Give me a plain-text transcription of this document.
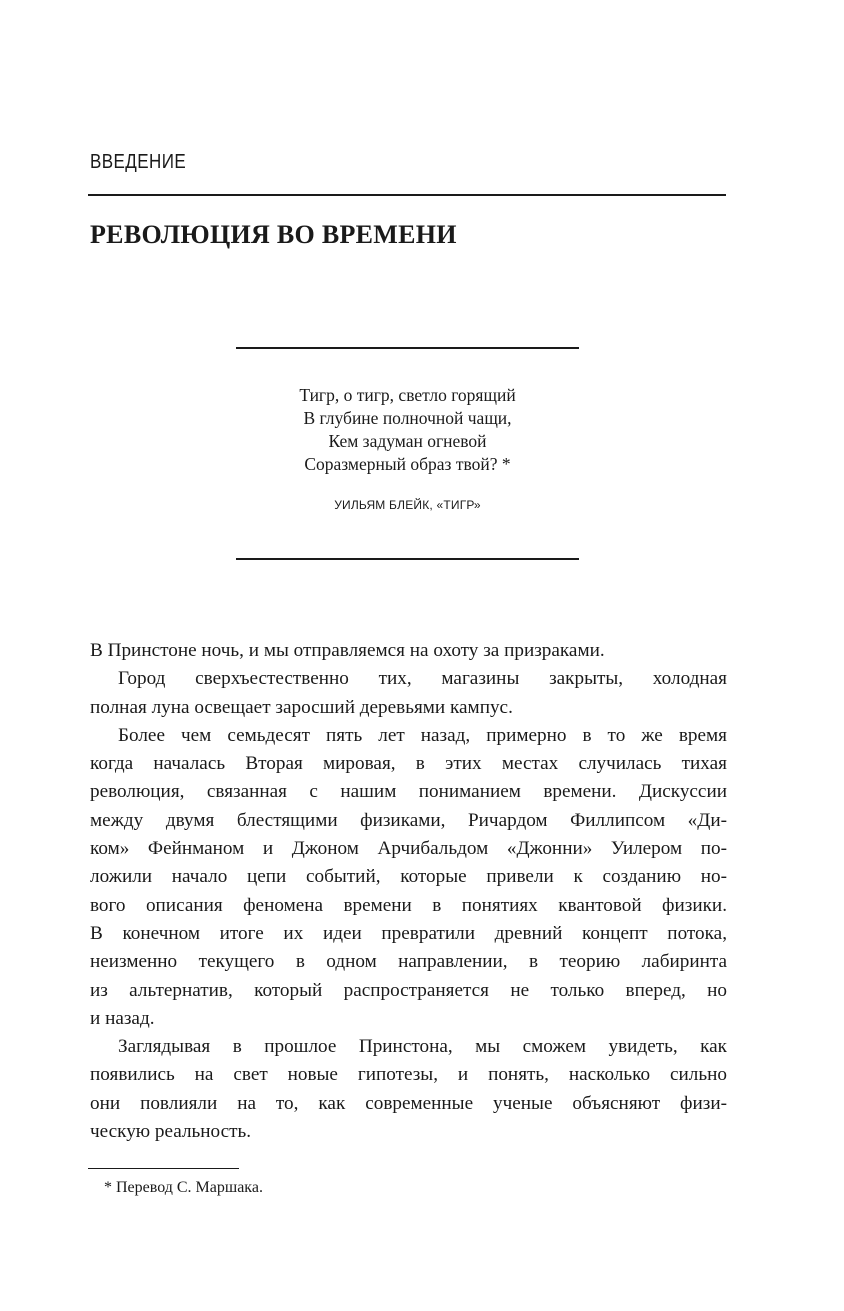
ВВЕДЕНИЕ
РЕВОЛЮЦИЯ ВО ВРЕМЕНИ
Тигр, о тигр, светло горящий
В глубине полночной чащи,
Кем задуман огневой
Соразмерный образ твой? *
УИЛЬЯМ БЛЕЙК, «ТИГР»
В Принстоне ночь, и мы отправляемся на охоту за призраками.
Город сверхъестественно тих, магазины закрыты, холодная
полная луна освещает заросший деревьями кампус.
Более чем семьдесят пять лет назад, примерно в то же время
когда началась Вторая мировая, в этих местах случилась тихая
революция, связанная с нашим пониманием времени. Дискуссии
между двумя блестящими физиками, Ричардом Филлипсом «Ди-
ком» Фейнманом и Джоном Арчибальдом «Джонни» Уилером по-
ложили начало цепи событий, которые привели к созданию но-
вого описания феномена времени в понятиях квантовой физики.
В конечном итоге их идеи превратили древний концепт потока,
неизменно текущего в одном направлении, в теорию лабиринта
из альтернатив, который распространяется не только вперед, но
и назад.
Заглядывая в прошлое Принстона, мы сможем увидеть, как
появились на свет новые гипотезы, и понять, насколько сильно
они повлияли на то, как современные ученые объясняют физи-
ческую реальность.
* Перевод С. Маршака.
